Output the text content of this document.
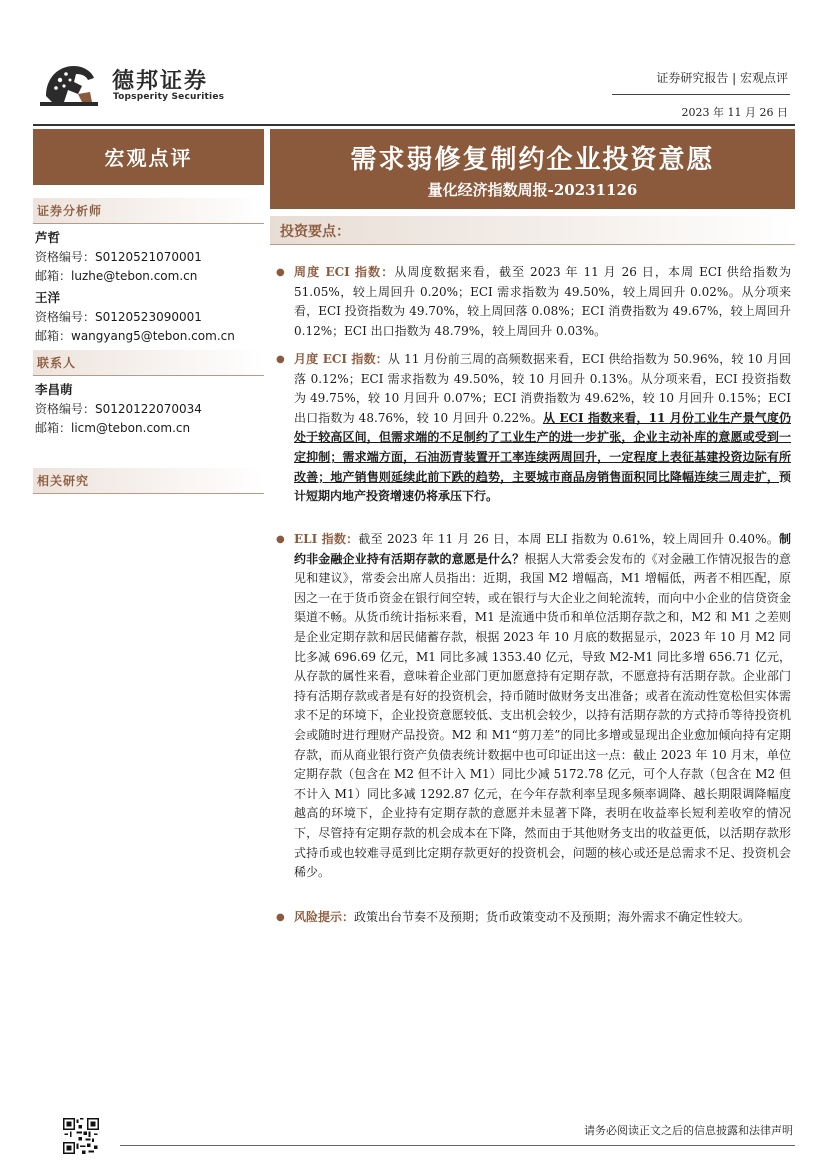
德邦证券
Topsperity Securities
证券研究报告 | 宏观点评
2023 年 11 月 26 日
宏观点评	需求弱修复制约企业投资意愿
量化经济指数周报-20231126
证券分析师
芦哲
资格编号：S0120521070001
邮箱：luzhe@tebon.com.cn
王洋
资格编号：S0120523090001
邮箱：wangyang5@tebon.com.cn
联系人
李昌萌
资格编号：S0120122070034
邮箱：licm@tebon.com.cn
相关研究
投资要点：
● 周度 ECI 指数：从周度数据来看，截至 2023 年 11 月 26 日，本周 ECI 供给指数为 51.05%，较上周回升 0.20%；ECI 需求指数为 49.50%，较上周回升 0.02%。从分项来看，ECI 投资指数为 49.70%，较上周回落 0.08%；ECI 消费指数为 49.67%，较上周回升 0.12%；ECI 出口指数为 48.79%，较上周回升 0.03%。
● 月度 ECI 指数：从 11 月份前三周的高频数据来看，ECI 供给指数为 50.96%，较 10 月回落 0.12%；ECI 需求指数为 49.50%，较 10 月回升 0.13%。从分项来看，ECI 投资指数为 49.75%，较 10 月回升 0.07%；ECI 消费指数为 49.62%，较 10 月回升 0.15%；ECI 出口指数为 48.76%，较 10 月回升 0.22%。从 ECI 指数来看，11 月份工业生产景气度仍处于较高区间，但需求端的不足制约了工业生产的进一步扩张，企业主动补库的意愿或受到一定抑制；需求端方面，石油沥青装置开工率连续两周回升，一定程度上表征基建投资边际有所改善；地产销售则延续此前下跌的趋势，主要城市商品房销售面积同比降幅连续三周走扩，预计短期内地产投资增速仍将承压下行。
● ELI 指数：截至 2023 年 11 月 26 日，本周 ELI 指数为 0.61%，较上周回升 0.40%。制约非金融企业持有活期存款的意愿是什么？根据人大常委会发布的《对金融工作情况报告的意见和建议》，常委会出席人员指出：近期，我国 M2 增幅高，M1 增幅低，两者不相匹配，原因之一在于货币资金在银行间空转，或在银行与大企业之间轮流转，而向中小企业的信贷资金渠道不畅。从货币统计指标来看，M1 是流通中货币和单位活期存款之和，M2 和 M1 之差则是企业定期存款和居民储蓄存款，根据 2023 年 10 月底的数据显示，2023 年 10 月 M2 同比多减 696.69 亿元，M1 同比多减 1353.40 亿元，导致 M2-M1 同比多增 656.71 亿元，从存款的属性来看，意味着企业部门更加愿意持有定期存款，不愿意持有活期存款。企业部门持有活期存款或者是有好的投资机会，持币随时做财务支出准备；或者在流动性宽松但实体需求不足的环境下，企业投资意愿较低、支出机会较少，以持有活期存款的方式持币等待投资机会或随时进行理财产品投资。M2 和 M1“剪刀差”的同比多增或显现出企业愈加倾向持有定期存款，而从商业银行资产负债表统计数据中也可印证出这一点：截止 2023 年 10 月末，单位定期存款（包含在 M2 但不计入 M1）同比少减 5172.78 亿元，可个人存款（包含在 M2 但不计入 M1）同比多减 1292.87 亿元，在今年存款利率呈现多频率调降、越长期限调降幅度越高的环境下，企业持有定期存款的意愿并未显著下降，表明在收益率长短利差收窄的情况下，尽管持有定期存款的机会成本在下降，然而由于其他财务支出的收益更低，以活期存款形式持币或也较难寻觅到比定期存款更好的投资机会，问题的核心或还是总需求不足、投资机会稀少。
● 风险提示：政策出台节奏不及预期；货币政策变动不及预期；海外需求不确定性较大。
请务必阅读正文之后的信息披露和法律声明
